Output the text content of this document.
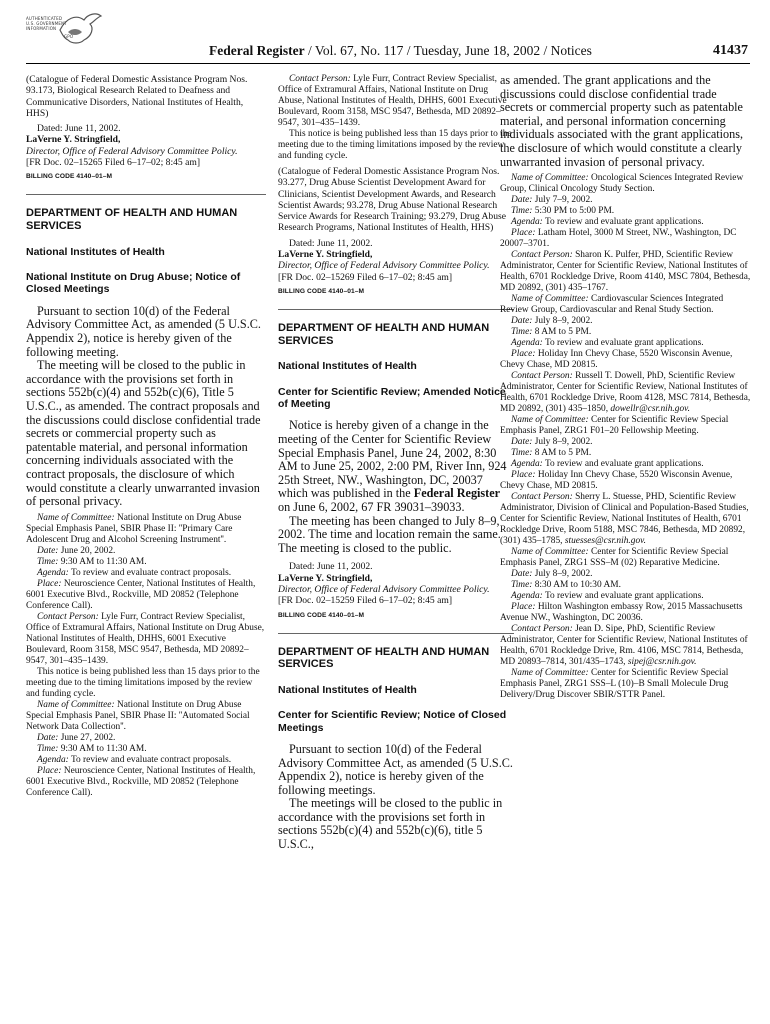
AUTHENTICATED
U.S. GOVERNMENT
INFORMATION
GPO
Federal Register / Vol. 67, No. 117 / Tuesday, June 18, 2002 / Notices	41437

(Catalogue of Federal Domestic Assistance Program Nos. 93.173, Biological Research Related to Deafness and Communicative Disorders, National Institutes of Health, HHS)

Dated: June 11, 2002.

LaVerne Y. Stringfield,

Director, Office of Federal Advisory Committee Policy.

[FR Doc. 02–15265 Filed 6–17–02; 8:45 am]

BILLING CODE 4140–01–M

DEPARTMENT OF HEALTH AND HUMAN SERVICES

National Institutes of Health

National Institute on Drug Abuse; Notice of Closed Meetings

Pursuant to section 10(d) of the Federal Advisory Committee Act, as amended (5 U.S.C. Appendix 2), notice is hereby given of the following meeting.

The meeting will be closed to the public in accordance with the provisions set forth in sections 552b(c)(4) and 552b(c)(6), Title 5 U.S.C., as amended. The contract proposals and the discussions could disclose confidential trade secrets or commercial property such as patentable material, and personal information concerning individuals associated with the contract proposals, the disclosure of which would constitute a clearly unwarranted invasion of personal privacy.

Name of Committee: National Institute on Drug Abuse Special Emphasis Panel, SBIR Phase II: ''Primary Care Adolescent Drug and Alcohol Screening Instrument''.

Date: June 20, 2002.

Time: 9:30 AM to 11:30 AM.

Agenda: To review and evaluate contract proposals.

Place: Neuroscience Center, National Institutes of Health, 6001 Executive Blvd., Rockville, MD 20852 (Telephone Conference Call).

Contact Person: Lyle Furr, Contract Review Specialist, Office of Extramural Affairs, National Institute on Drug Abuse, National Institutes of Health, DHHS, 6001 Executive Boulevard, Room 3158, MSC 9547, Bethesda, MD 20892–9547, 301–435–1439.

This notice is being published less than 15 days prior to the meeting due to the timing limitations imposed by the review and funding cycle.

Name of Committee: National Institute on Drug Abuse Special Emphasis Panel, SBIR Phase II: ''Automated Social Network Data Collection''.

Date: June 27, 2002.

Time: 9:30 AM to 11:30 AM.

Agenda: To review and evaluate contract proposals.

Place: Neuroscience Center, National Institutes of Health, 6001 Executive Blvd., Rockville, MD 20852 (Telephone Conference Call).

Contact Person: Lyle Furr, Contract Review Specialist, Office of Extramural Affairs, National Institute on Drug Abuse, National Institutes of Health, DHHS, 6001 Executive Boulevard, Room 3158, MSC 9547, Bethesda, MD 20892–9547, 301–435–1439.

This notice is being published less than 15 days prior to the meeting due to the timing limitations imposed by the review and funding cycle.

(Catalogue of Federal Domestic Assistance Program Nos. 93.277, Drug Abuse Scientist Development Award for Clinicians, Scientist Development Awards, and Research Scientist Awards; 93.278, Drug Abuse National Research Service Awards for Research Training; 93.279, Drug Abuse Research Programs, National Institutes of Health, HHS)

Dated: June 11, 2002.

LaVerne Y. Stringfield,

Director, Office of Federal Advisory Committee Policy.

[FR Doc. 02–15269 Filed 6–17–02; 8:45 am]

BILLING CODE 4140–01–M

DEPARTMENT OF HEALTH AND HUMAN SERVICES

National Institutes of Health

Center for Scientific Review; Amended Notice of Meeting

Notice is hereby given of a change in the meeting of the Center for Scientific Review Special Emphasis Panel, June 24, 2002, 8:30 AM to June 25, 2002, 2:00 PM, River Inn, 924 25th Street, NW., Washington, DC, 20037 which was published in the Federal Register on June 6, 2002, 67 FR 39031–39033.

The meeting has been changed to July 8–9, 2002. The time and location remain the same. The meeting is closed to the public.

Dated: June 11, 2002.

LaVerne Y. Stringfield,

Director, Office of Federal Advisory Committee Policy.

[FR Doc. 02–15259 Filed 6–17–02; 8:45 am]

BILLING CODE 4140–01–M

DEPARTMENT OF HEALTH AND HUMAN SERVICES

National Institutes of Health

Center for Scientific Review; Notice of Closed Meetings

Pursuant to section 10(d) of the Federal Advisory Committee Act, as amended (5 U.S.C. Appendix 2), notice is hereby given of the following meetings.

The meetings will be closed to the public in accordance with the provisions set forth in sections 552b(c)(4) and 552b(c)(6), title 5 U.S.C.,

as amended. The grant applications and the discussions could disclose confidential trade secrets or commercial property such as patentable material, and personal information concerning individuals associated with the grant applications, the disclosure of which would constitute a clearly unwarranted invasion of personal privacy.

Name of Committee: Oncological Sciences Integrated Review Group, Clinical Oncology Study Section.

Date: July 7–9, 2002.

Time: 5:30 PM to 5:00 PM.

Agenda: To review and evaluate grant applications.

Place: Latham Hotel, 3000 M Street, NW., Washington, DC 20007–3701.

Contact Person: Sharon K. Pulfer, PHD, Scientific Review Administrator, Center for Scientific Review, National Institutes of Health, 6701 Rockledge Drive, Room 4140, MSC 7804, Bethesda, MD 20892, (301) 435–1767.

Name of Committee: Cardiovascular Sciences Integrated Review Group, Cardiovascular and Renal Study Section.

Date: July 8–9, 2002.

Time: 8 AM to 5 PM.

Agenda: To review and evaluate grant applications.

Place: Holiday Inn Chevy Chase, 5520 Wisconsin Avenue, Chevy Chase, MD 20815.

Contact Person: Russell T. Dowell, PhD, Scientific Review Administrator, Center for Scientific Review, National Institutes of Health, 6701 Rockledge Drive, Room 4128, MSC 7814, Bethesda, MD 20892, (301) 435–1850, dowellr@csr.nih.gov.

Name of Committee: Center for Scientific Review Special Emphasis Panel, ZRG1 F01–20 Fellowship Meeting.

Date: July 8–9, 2002.

Time: 8 AM to 5 PM.

Agenda: To review and evaluate grant applications.

Place: Holiday Inn Chevy Chase, 5520 Wisconsin Avenue, Chevy Chase, MD 20815.

Contact Person: Sherry L. Stuesse, PHD, Scientific Review Administrator, Division of Clinical and Population-Based Studies, Center for Scientific Review, National Institutes of Health, 6701 Rockledge Drive, Room 5188, MSC 7846, Bethesda, MD 20892, (301) 435–1785, stuesses@csr.nih.gov.

Name of Committee: Center for Scientific Review Special Emphasis Panel, ZRG1 SSS–M (02) Reparative Medicine.

Date: July 8–9, 2002.

Time: 8:30 AM to 10:30 AM.

Agenda: To review and evaluate grant applications.

Place: Hilton Washington embassy Row, 2015 Massachusetts Avenue NW., Washington, DC 20036.

Contact Person: Jean D. Sipe, PhD, Scientific Review Administrator, Center for Scientific Review, National Institutes of Health, 6701 Rockledge Drive, Rm. 4106, MSC 7814, Bethesda, MD 20893–7814, 301/435–1743, sipej@csr.nih.gov.

Name of Committee: Center for Scientific Review Special Emphasis Panel, ZRG1 SSS–L (10)–B Small Molecule Drug Delivery/Drug Discover SBIR/STTR Panel.
